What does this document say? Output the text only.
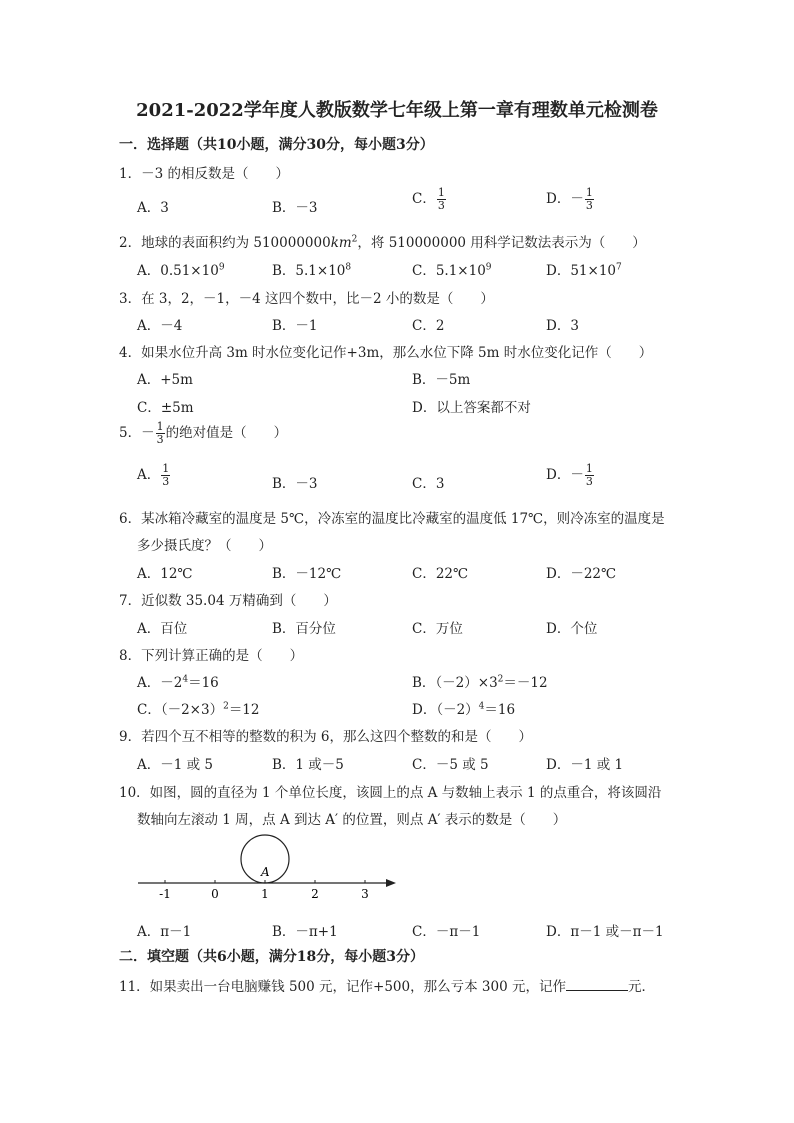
2021-2022学年度人教版数学七年级上第一章有理数单元检测卷
一．选择题（共10小题，满分30分，每小题3分）
1．－3 的相反数是（　　）
A．3	B．－3
C． $\frac{1}{3}$	D．－ $\frac{1}{3}$
2．地球的表面积约为 $510000000km^2$，将 510000000 用科学记数法表示为（　　）
A．$0.51\times 10^9$	B．$5.1\times 10^8$	C．$5.1\times 10^9$	D．$51\times 10^7$
3．在 3，2，－1，－4 这四个数中，比－2 小的数是（　　）
A．－4	B．－1	C．2	D．3
4．如果水位升高 3m 时水位变化记作+3m，那么水位下降 5m 时水位变化记作（　　）
A．+5m	B．－5m
C．±5m	D．以上答案都不对
5．－ $\frac{1}{3}$ 的绝对值是（　　）
A． $\frac{1}{3}$	B．－3	C．3
D．－ $\frac{1}{3}$
6．某冰箱冷藏室的温度是 5℃，冷冻室的温度比冷藏室的温度低 17℃，则冷冻室的温度是
多少摄氏度？（　　）
A．12℃	B．－12℃	C．22℃	D．－22℃
7．近似数 35.04 万精确到（　　）
A．百位	B．百分位	C．万位	D．个位
8．下列计算正确的是（　　）
A．$-2^4=16$	B．$(-2)\times 3^2=-12$
C．$(-2\times 3)^2=12$	D．$(-2)^4=16$
9．若四个互不相等的整数的积为 6，那么这四个整数的和是（　　）
A．－1 或 5	B．1 或－5	C．－5 或 5	D．－1 或 1
10．如图，圆的直径为 1 个单位长度，该圆上的点 A 与数轴上表示 1 的点重合，将该圆沿
数轴向左滚动 1 周，点 A 到达 A′ 的位置，则点 A′ 表示的数是（　　）
A
-1	0	1	2	3
A．π－1	B．－π+1	C．－π－1	D．π－1 或－π－1
二．填空题（共6小题，满分18分，每小题3分）
11．如果卖出一台电脑赚钱 500 元，记作+500，那么亏本 300 元，记作	元．
